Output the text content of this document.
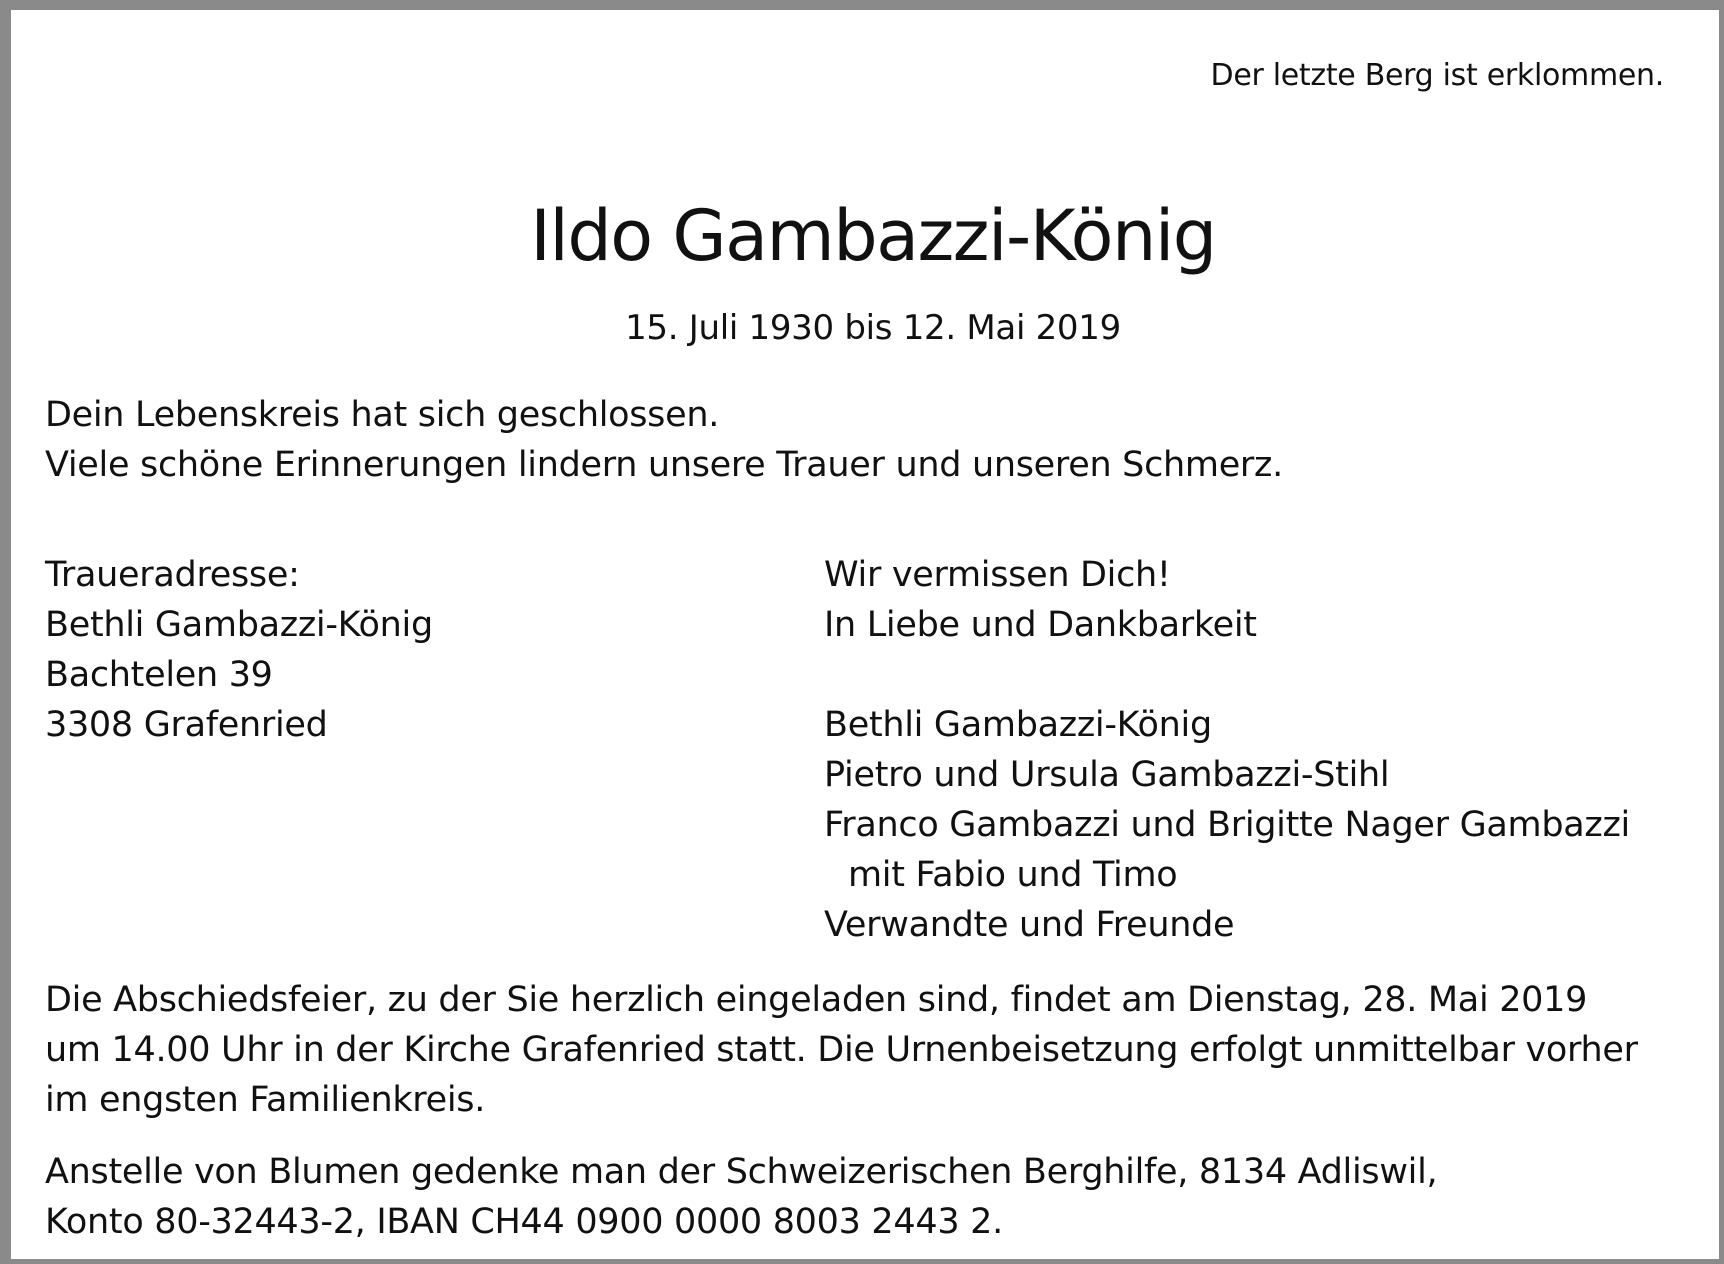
Der letzte Berg ist erklommen.

Ildo Gambazzi-König

15. Juli 1930 bis 12. Mai 2019

Dein Lebenskreis hat sich geschlossen.
Viele schöne Erinnerungen lindern unsere Trauer und unseren Schmerz.
Traueradresse:
Bethli Gambazzi-König
Bachtelen 39
3308 Grafenried
Wir vermissen Dich!
In Liebe und Dankbarkeit
Bethli Gambazzi-König
Pietro und Ursula Gambazzi-Stihl
Franco Gambazzi und Brigitte Nager Gambazzi
mit Fabio und Timo
Verwandte und Freunde
Die Abschiedsfeier, zu der Sie herzlich eingeladen sind, findet am Dienstag, 28. Mai 2019
um 14.00 Uhr in der Kirche Grafenried statt. Die Urnenbeisetzung erfolgt unmittelbar vorher
im engsten Familienkreis.
Anstelle von Blumen gedenke man der Schweizerischen Berghilfe, 8134 Adliswil,
Konto 80-32443-2, IBAN CH44 0900 0000 8003 2443 2.
